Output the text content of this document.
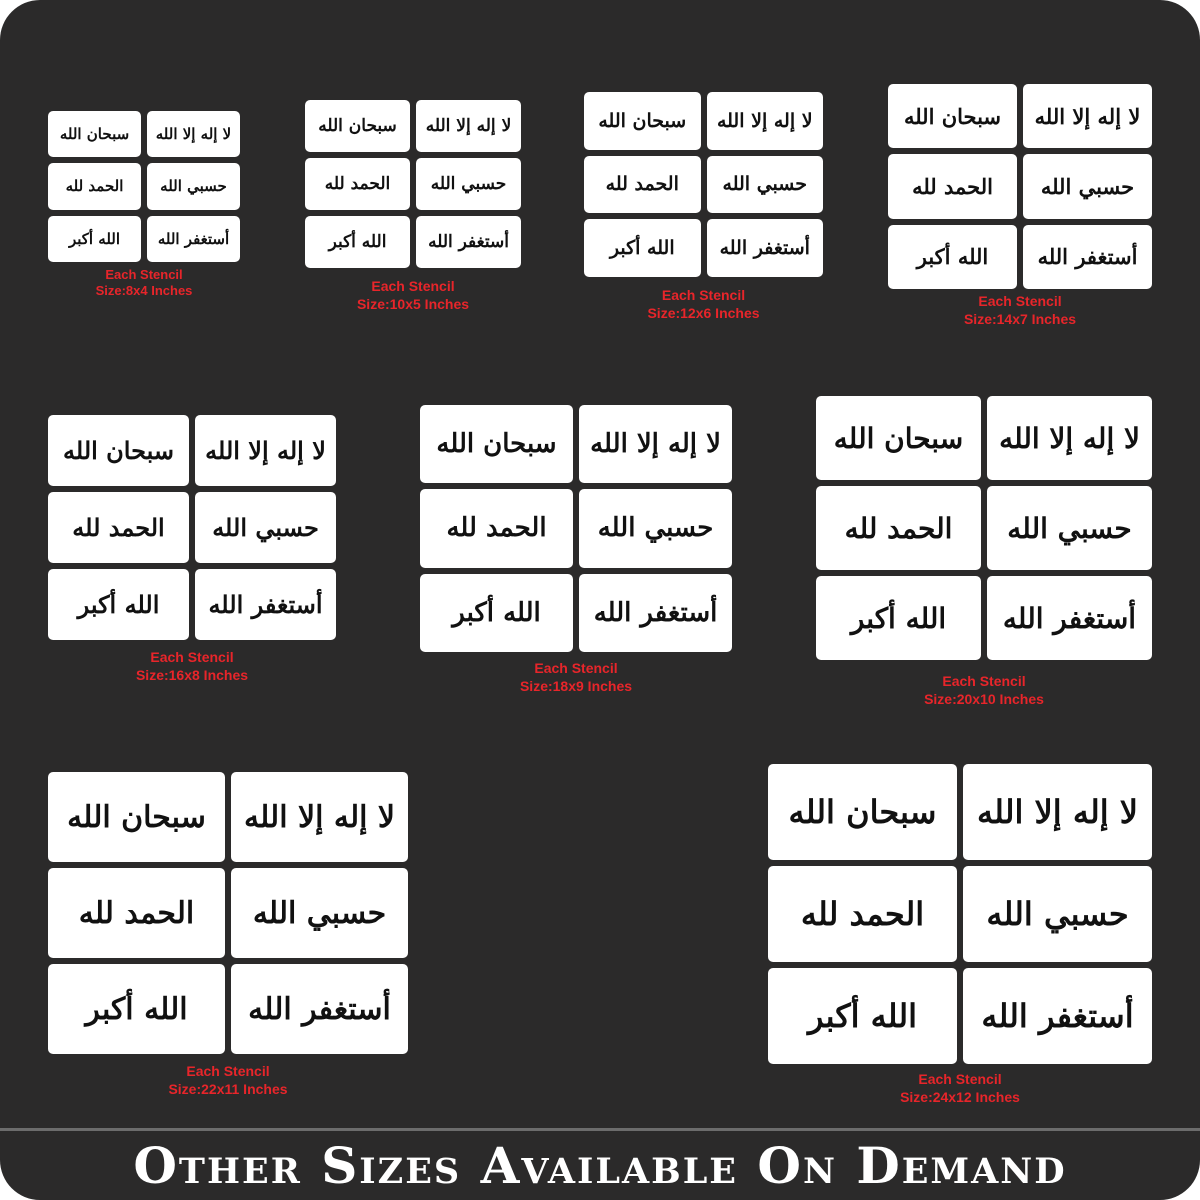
سبحان الله	لا إله إلا الله
الحمد لله	حسبي الله
الله أكبر	أستغفر الله
Each Stencil
Size:8x4 Inches
سبحان الله	لا إله إلا الله
الحمد لله	حسبي الله
الله أكبر	أستغفر الله
Each Stencil
Size:10x5 Inches
سبحان الله	لا إله إلا الله
الحمد لله	حسبي الله
الله أكبر	أستغفر الله
Each Stencil
Size:12x6 Inches
سبحان الله	لا إله إلا الله
الحمد لله	حسبي الله
الله أكبر	أستغفر الله
Each Stencil
Size:14x7 Inches
سبحان الله	لا إله إلا الله
الحمد لله	حسبي الله
الله أكبر	أستغفر الله
Each Stencil
Size:16x8 Inches
سبحان الله	لا إله إلا الله
الحمد لله	حسبي الله
الله أكبر	أستغفر الله
Each Stencil
Size:18x9 Inches
سبحان الله	لا إله إلا الله
الحمد لله	حسبي الله
الله أكبر	أستغفر الله
Each Stencil
Size:20x10 Inches
سبحان الله	لا إله إلا الله
الحمد لله	حسبي الله
الله أكبر	أستغفر الله
Each Stencil
Size:22x11 Inches
سبحان الله	لا إله إلا الله
الحمد لله	حسبي الله
الله أكبر	أستغفر الله
Each Stencil
Size:24x12 Inches
Other Sizes Available On Demand
